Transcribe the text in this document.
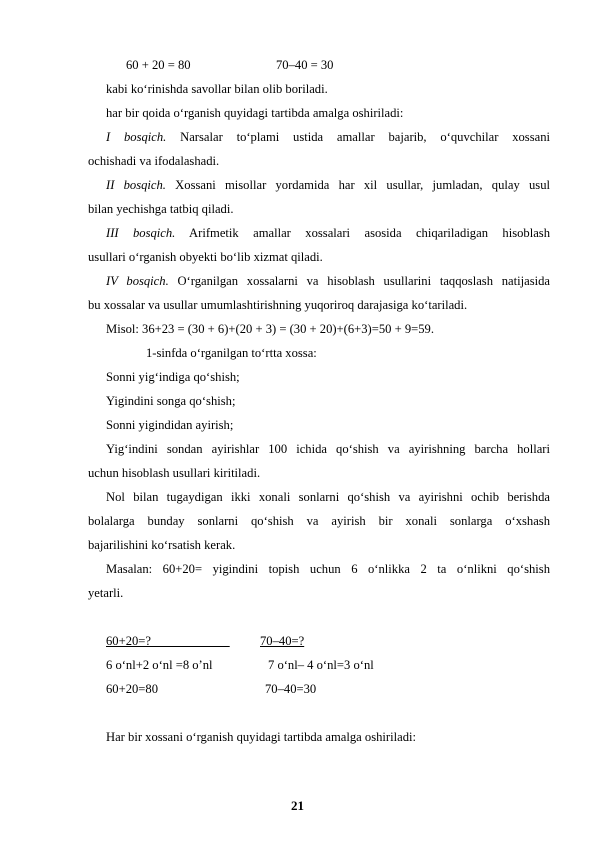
60 + 20 = 80	70–40 = 30
kabi ko‘rinishda savollar bilan olib boriladi.
har bir qoida o‘rganish quyidagi tartibda amalga oshiriladi:
I bosqich. Narsalar to‘plami ustida amallar bajarib, o‘quvchilar xossani
ochishadi va ifodalashadi.
II bosqich. Xossani misollar yordamida har xil usullar, jumladan, qulay usul
bilan yechishga tatbiq qiladi.
III bosqich. Arifmetik amallar xossalari asosida chiqariladigan hisoblash
usullari o‘rganish obyekti bo‘lib xizmat qiladi.
IV bosqich. O‘rganilgan xossalarni va hisoblash usullarini taqqoslash natijasida
bu xossalar va usullar umumlashtirishning yuqoriroq darajasiga ko‘tariladi.
Misol: 36+23 = (30 + 6)+(20 + 3) = (30 + 20)+(6+3)=50 + 9=59.
1-sinfda o‘rganilgan to‘rtta xossa:
Sonni yig‘indiga qo‘shish;
Yigindini songa qo‘shish;
Sonni yigindidan ayirish;
Yig‘indini sondan ayirishlar 100 ichida qo‘shish va ayirishning barcha hollari
uchun hisoblash usullari kiritiladi.
Nol bilan tugaydigan ikki xonali sonlarni qo‘shish va ayirishni ochib berishda
bolalarga bunday sonlarni qo‘shish va ayirish bir xonali sonlarga o‘xshash
bajarilishini ko‘rsatish kerak.
Masalan: 60+20= yigindini topish uchun 6 o‘nlikka 2 ta o‘nlikni qo‘shish
yetarli.
60+20=? 70–40=?
6 o‘nl+2 o‘nl =8 o’nl	7 o‘nl– 4 o‘nl=3 o‘nl
60+20=80	70–40=30
Har bir xossani o‘rganish quyidagi tartibda amalga oshiriladi:
21
